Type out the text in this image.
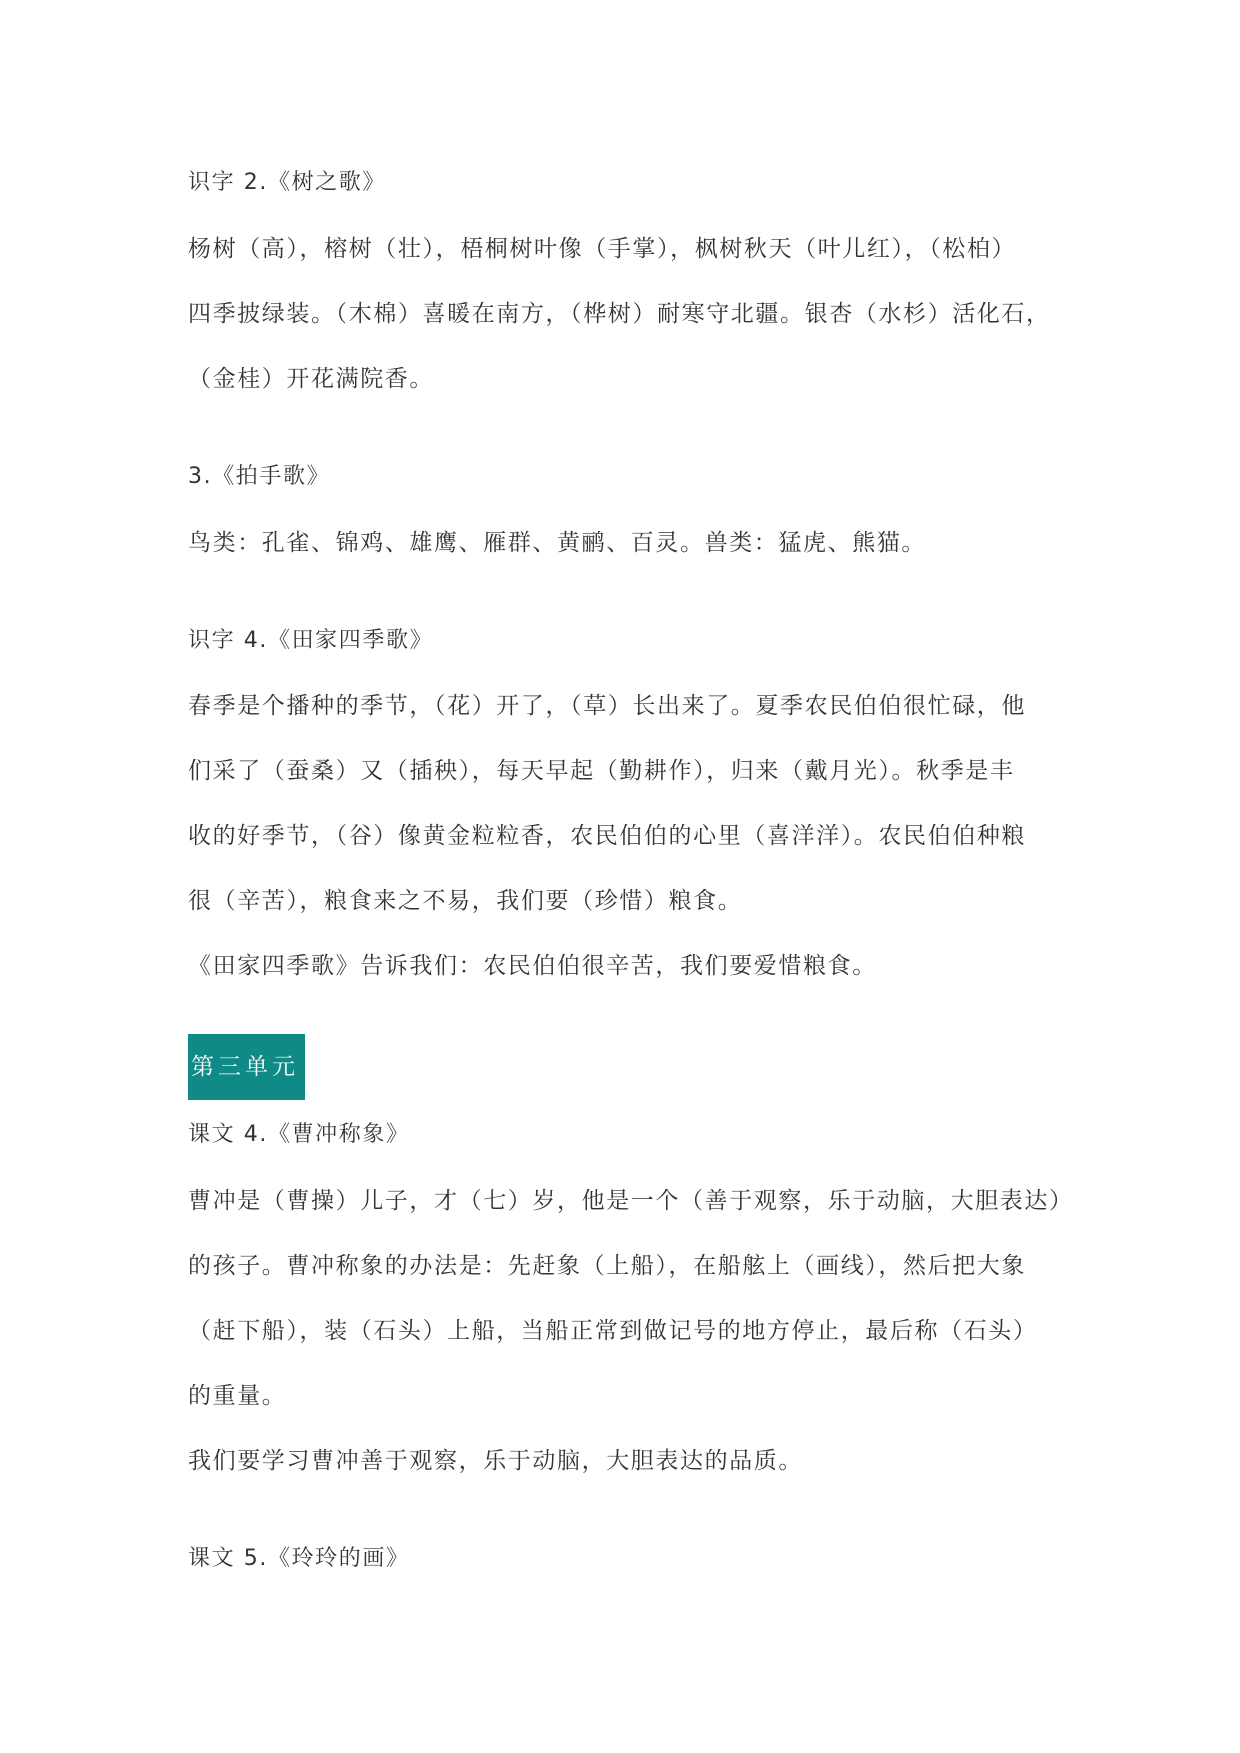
识字 2.《树之歌》
杨树（高），榕树（壮），梧桐树叶像（手掌），枫树秋天（叶儿红），（松柏）
四季披绿装。（木棉）喜暖在南方，（桦树）耐寒守北疆。银杏（水杉）活化石，
（金桂）开花满院香。
3.《拍手歌》
鸟类：孔雀、锦鸡、雄鹰、雁群、黄鹂、百灵。兽类：猛虎、熊猫。
识字 4.《田家四季歌》
春季是个播种的季节，（花）开了，（草）长出来了。夏季农民伯伯很忙碌，他
们采了（蚕桑）又（插秧），每天早起（勤耕作），归来（戴月光）。秋季是丰
收的好季节，（谷）像黄金粒粒香，农民伯伯的心里（喜洋洋）。农民伯伯种粮
很（辛苦），粮食来之不易，我们要（珍惜）粮食。
《田家四季歌》告诉我们：农民伯伯很辛苦，我们要爱惜粮食。
第三单元
课文 4.《曹冲称象》
曹冲是（曹操）儿子，才（七）岁，他是一个（善于观察，乐于动脑，大胆表达）
的孩子。曹冲称象的办法是：先赶象（上船），在船舷上（画线），然后把大象
（赶下船），装（石头）上船，当船正常到做记号的地方停止，最后称（石头）
的重量。
我们要学习曹冲善于观察，乐于动脑，大胆表达的品质。
课文 5.《玲玲的画》
